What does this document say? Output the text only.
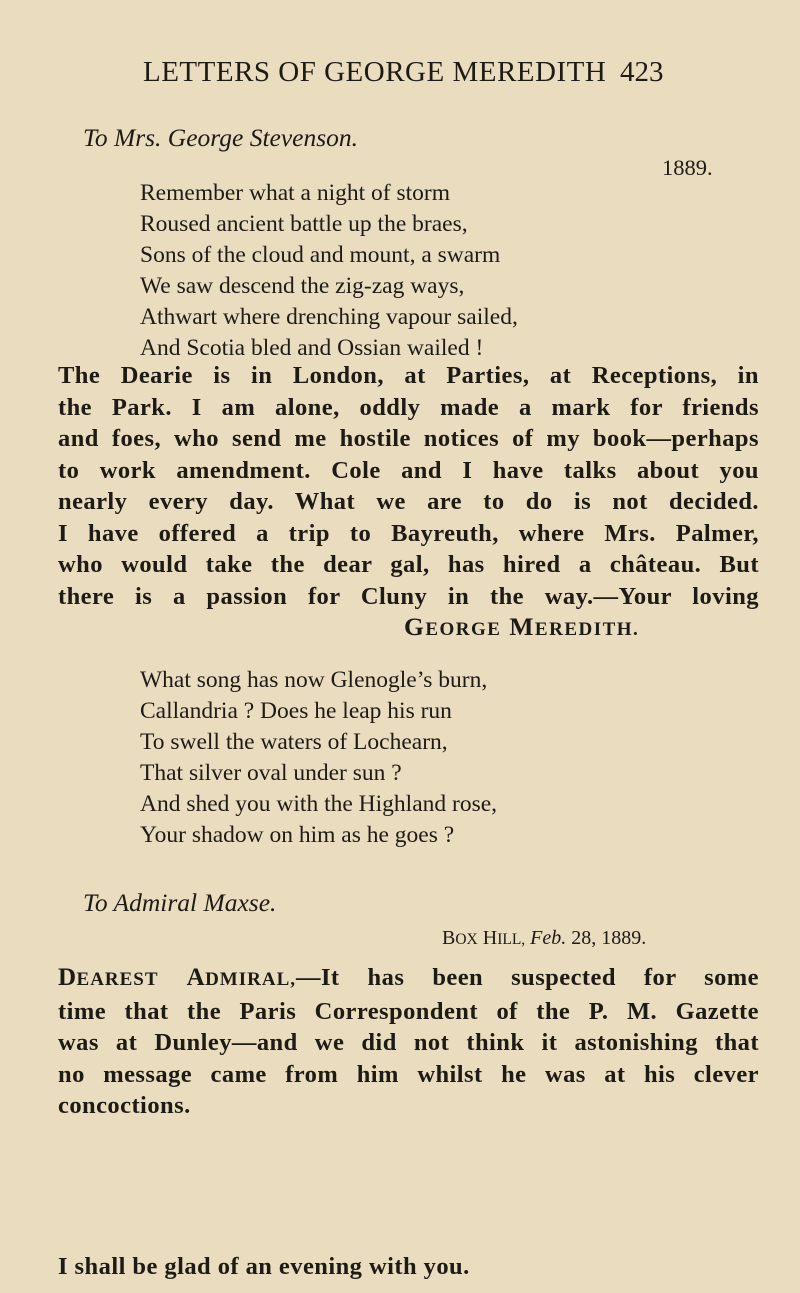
LETTERS OF GEORGE MEREDITH 423
To Mrs. George Stevenson.
1889.
Remember what a night of storm
Roused ancient battle up the braes,
Sons of the cloud and mount, a swarm
We saw descend the zig-zag ways,
Athwart where drenching vapour sailed,
And Scotia bled and Ossian wailed !
The Dearie is in London, at Parties, at Receptions, in
the Park. I am alone, oddly made a mark for friends
and foes, who send me hostile notices of my book—perhaps
to work amendment. Cole and I have talks about you
nearly every day. What we are to do is not decided.
I have offered a trip to Bayreuth, where Mrs. Palmer,
who would take the dear gal, has hired a château. But
there is a passion for Cluny in the way.—Your loving
GEORGE MEREDITH.
What song has now Glenogle’s burn,
Callandria ? Does he leap his run
To swell the waters of Lochearn,
That silver oval under sun ?
And shed you with the Highland rose,
Your shadow on him as he goes ?
To Admiral Maxse.
BOX HILL, Feb. 28, 1889.
DEAREST ADMIRAL,—It has been suspected for some
time that the Paris Correspondent of the P. M. Gazette
was at Dunley—and we did not think it astonishing that
no message came from him whilst he was at his clever
concoctions.
I shall be glad of an evening with you.
